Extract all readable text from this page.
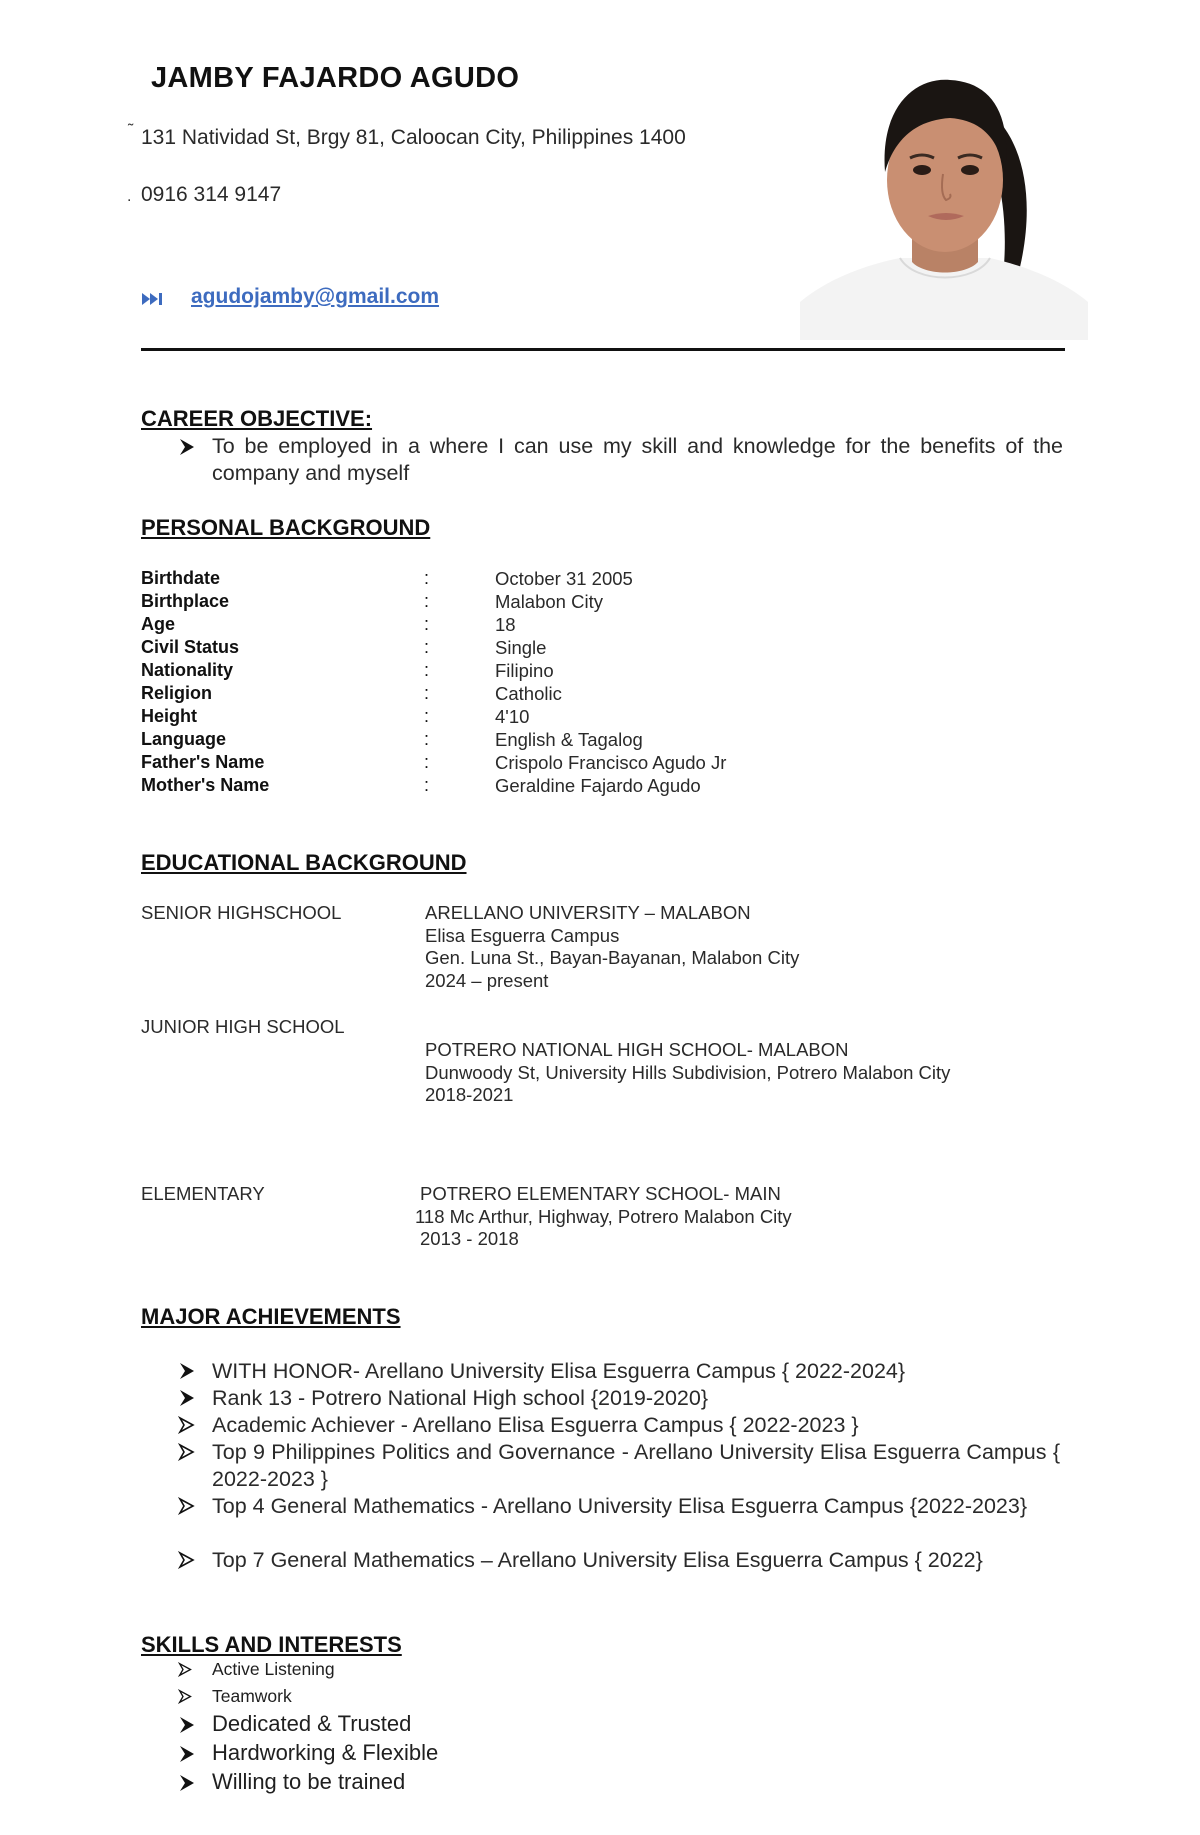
JAMBY FAJARDO AGUDO
˜ 131 Natividad St, Brgy 81, Caloocan City, Philippines 1400
. 0916 314 9147
agudojamby@gmail.com
CAREER OBJECTIVE:
To be employed in a where I can use my skill and knowledge for the benefits of the company and myself
PERSONAL BACKGROUND
Birthdate	:	October 31 2005
Birthplace	:	Malabon City
Age	:	18
Civil Status	:	Single
Nationality	:	Filipino
Religion	:	Catholic
Height	:	4'10
Language	:	English & Tagalog
Father's Name	:	Crispolo Francisco Agudo Jr
Mother's Name	:	Geraldine Fajardo Agudo
EDUCATIONAL BACKGROUND
SENIOR HIGHSCHOOL	ARELLANO UNIVERSITY – MALABON
Elisa Esguerra Campus
Gen. Luna St., Bayan-Bayanan, Malabon City
2024 – present
JUNIOR HIGH SCHOOL
POTRERO NATIONAL HIGH SCHOOL- MALABON
Dunwoody St, University Hills Subdivision, Potrero Malabon City
2018-2021
ELEMENTARY	POTRERO ELEMENTARY SCHOOL- MAIN
118 Mc Arthur, Highway, Potrero Malabon City
2013 - 2018
MAJOR ACHIEVEMENTS
WITH HONOR- Arellano University Elisa Esguerra Campus { 2022-2024}
Rank 13 - Potrero National High school {2019-2020}
Academic Achiever - Arellano Elisa Esguerra Campus { 2022-2023 }
Top 9 Philippines Politics and Governance - Arellano University Elisa Esguerra Campus { 2022-2023 }
Top 4 General Mathematics - Arellano University Elisa Esguerra Campus {2022-2023}
Top 7 General Mathematics – Arellano University Elisa Esguerra Campus { 2022}
SKILLS AND INTERESTS
Active Listening
Teamwork
Dedicated & Trusted
Hardworking & Flexible
Willing to be trained
